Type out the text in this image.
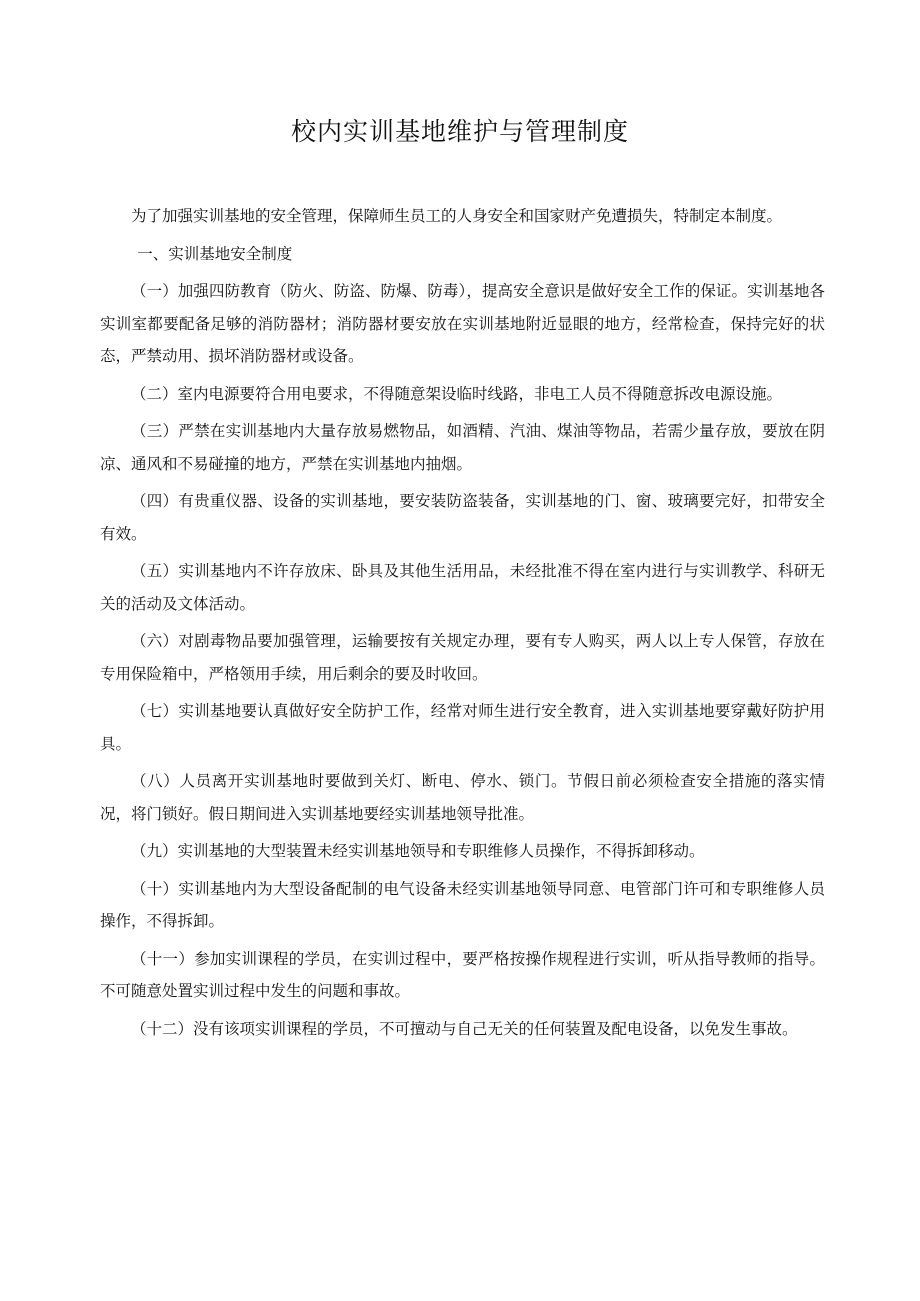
校内实训基地维护与管理制度

为了加强实训基地的安全管理，保障师生员工的人身安全和国家财产免遭损失，特制定本制度。

一、实训基地安全制度

（一）加强四防教育（防火、防盗、防爆、防毒），提高安全意识是做好安全工作的保证。实训基地各实训室都要配备足够的消防器材；消防器材要安放在实训基地附近显眼的地方，经常检查，保持完好的状态，严禁动用、损坏消防器材或设备。

（二）室内电源要符合用电要求，不得随意架设临时线路，非电工人员不得随意拆改电源设施。

（三）严禁在实训基地内大量存放易燃物品，如酒精、汽油、煤油等物品，若需少量存放，要放在阴凉、通风和不易碰撞的地方，严禁在实训基地内抽烟。

（四）有贵重仪器、设备的实训基地，要安装防盗装备，实训基地的门、窗、玻璃要完好，扣带安全有效。

（五）实训基地内不许存放床、卧具及其他生活用品，未经批准不得在室内进行与实训教学、科研无关的活动及文体活动。

（六）对剧毒物品要加强管理，运输要按有关规定办理，要有专人购买，两人以上专人保管，存放在专用保险箱中，严格领用手续，用后剩余的要及时收回。

（七）实训基地要认真做好安全防护工作，经常对师生进行安全教育，进入实训基地要穿戴好防护用具。

（八）人员离开实训基地时要做到关灯、断电、停水、锁门。节假日前必须检查安全措施的落实情况，将门锁好。假日期间进入实训基地要经实训基地领导批准。

（九）实训基地的大型装置未经实训基地领导和专职维修人员操作，不得拆卸移动。

（十）实训基地内为大型设备配制的电气设备未经实训基地领导同意、电管部门许可和专职维修人员操作，不得拆卸。

（十一）参加实训课程的学员，在实训过程中，要严格按操作规程进行实训，听从指导教师的指导。不可随意处置实训过程中发生的问题和事故。

（十二）没有该项实训课程的学员，不可擅动与自己无关的任何装置及配电设备，以免发生事故。
